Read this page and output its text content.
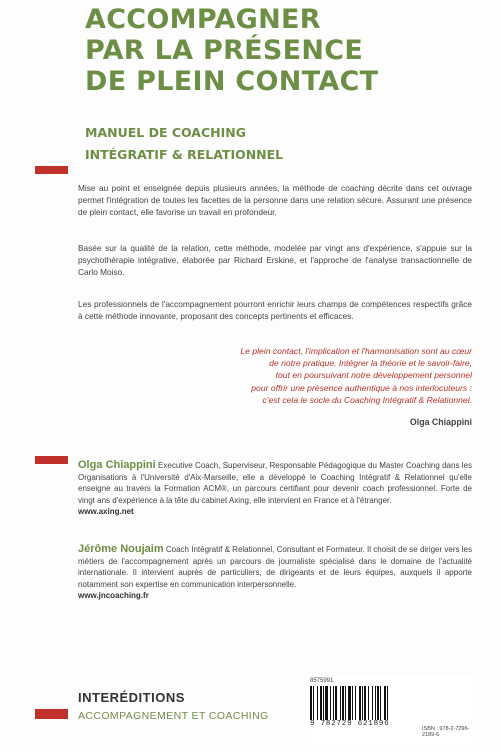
ACCOMPAGNER
PAR LA PRÉSENCE
DE PLEIN CONTACT
MANUEL DE COACHING
INTÉGRATIF & RELATIONNEL
Mise au point et enseignée depuis plusieurs années, la méthode de coaching décrite dans cet ouvrage permet l'intégration de toutes les facettes de la personne dans une relation sécure. Assurant une présence de plein contact, elle favorise un travail en profondeur.
Basée sur la qualité de la relation, cette méthode, modelée par vingt ans d'expérience, s'appuie sur la psychothérapie intégrative, élaborée par Richard Erskine, et l'approche de l'analyse transactionnelle de Carlo Moiso.
Les professionnels de l'accompagnement pourront enrichir leurs champs de compétences respectifs grâce à cette méthode innovante, proposant des concepts pertinents et efficaces.
Le plein contact, l'implication et l'harmonisation sont au cœur
de notre pratique. Intégrer la théorie et le savoir-faire,
tout en poursuivant notre développement personnel
pour offrir une présence authentique à nos interlocuteurs :
c'est cela le socle du Coaching Intégratif & Relationnel.
Olga Chiappini
Olga Chiappini Executive Coach, Superviseur, Responsable Pédagogique du Master Coaching dans les Organisations à l'Université d'Aix-Marseille, elle a développé le Coaching Intégratif & Relationnel qu'elle enseigne au travers la Formation ACM®, un parcours certifiant pour devenir coach professionnel. Forte de vingt ans d'expérience à la tête du cabinet Axing, elle intervient en France et à l'étranger.
www.axing.net
Jérôme Noujaim Coach Intégratif & Relationnel, Consultant et Formateur. Il choisit de se diriger vers les métiers de l'accompagnement après un parcours de journaliste spécialisé dans le domaine de l'actualité internationale. Il intervient auprès de particuliers, de dirigeants et de leurs équipes, auxquels il apporte notamment son expertise en communication interpersonnelle.
www.jncoaching.fr
INTERÉDITIONS
ACCOMPAGNEMENT ET COACHING
8575991
9 782729 621896
ISBN : 978-2-7296-2189-6
